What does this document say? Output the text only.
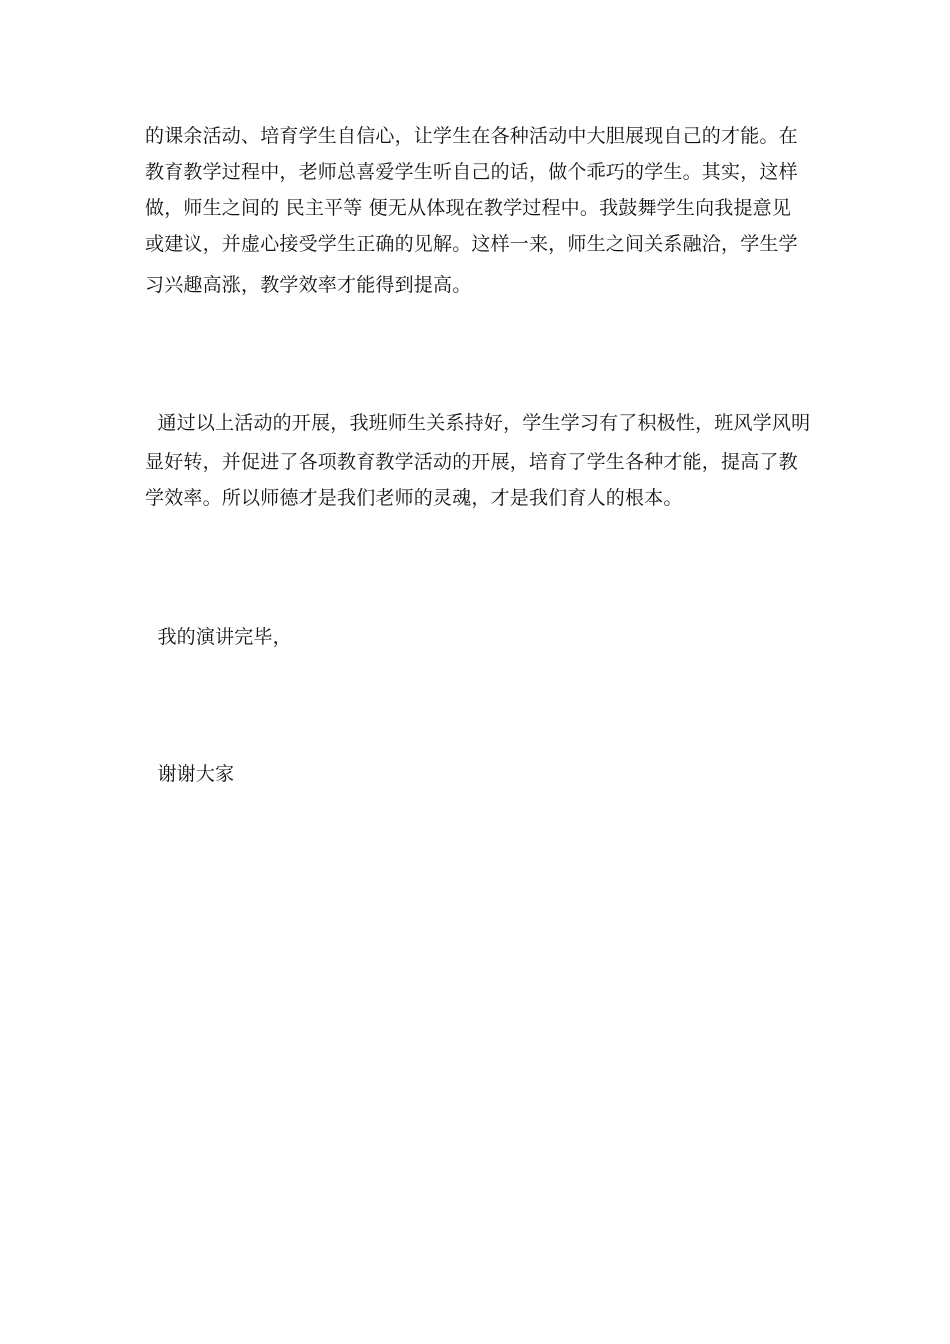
的课余活动、培育学生自信心，让学生在各种活动中大胆展现自己的才能。在
教育教学过程中，老师总喜爱学生听自己的话，做个乖巧的学生。其实，这样
做，师生之间的 民主平等 便无从体现在教学过程中。我鼓舞学生向我提意见
或建议，并虚心接受学生正确的见解。这样一来，师生之间关系融洽，学生学
习兴趣高涨，教学效率才能得到提高。
通过以上活动的开展，我班师生关系持好，学生学习有了积极性，班风学风明
显好转，并促进了各项教育教学活动的开展，培育了学生各种才能，提高了教
学效率。所以师德才是我们老师的灵魂，才是我们育人的根本。
我的演讲完毕，
谢谢大家
